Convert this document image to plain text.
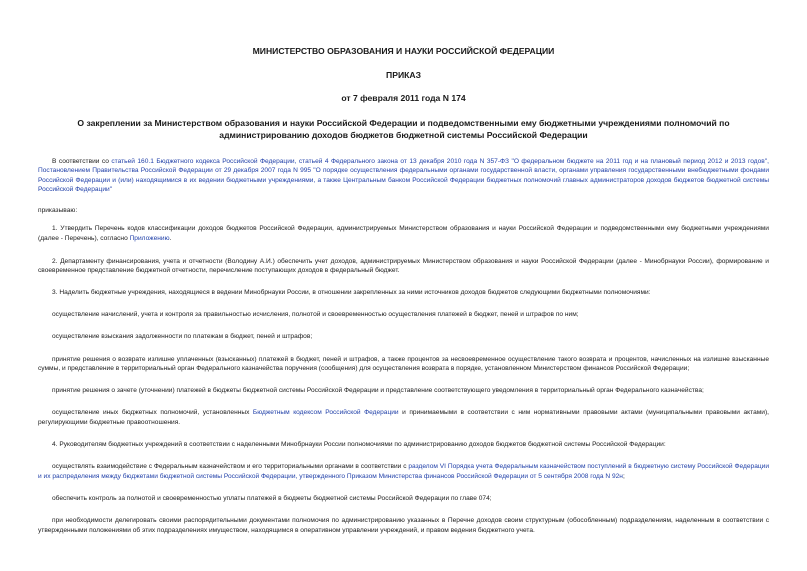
МИНИСТЕРСТВО ОБРАЗОВАНИЯ И НАУКИ РОССИЙСКОЙ ФЕДЕРАЦИИ
ПРИКАЗ
от 7 февраля 2011 года N 174
О закреплении за Министерством образования и науки Российской Федерации и подведомственными ему бюджетными учреждениями полномочий по администрированию доходов бюджетов бюджетной системы Российской Федерации

В соответствии со статьей 160.1 Бюджетного кодекса Российской Федерации, статьей 4 Федерального закона от 13 декабря 2010 года N 357-ФЗ "О федеральном бюджете на 2011 год и на плановый период 2012 и 2013 годов", Постановлением Правительства Российской Федерации от 29 декабря 2007 года N 995 "О порядке осуществления федеральными органами государственной власти, органами управления государственными внебюджетными фондами Российской Федерации и (или) находящимися в их ведении бюджетными учреждениями, а также Центральным банком Российской Федерации бюджетных полномочий главных администраторов доходов бюджетов бюджетной системы Российской Федерации"

приказываю:

1. Утвердить Перечень кодов классификации доходов бюджетов Российской Федерации, администрируемых Министерством образования и науки Российской Федерации и подведомственными ему бюджетными учреждениями (далее - Перечень), согласно Приложению.

2. Департаменту финансирования, учета и отчетности (Володину А.И.) обеспечить учет доходов, администрируемых Министерством образования и науки Российской Федерации (далее - Минобрнауки России), формирование и своевременное представление бюджетной отчетности, перечисление поступающих доходов в федеральный бюджет.

3. Наделить бюджетные учреждения, находящиеся в ведении Минобрнауки России, в отношении закрепленных за ними источников доходов бюджетов следующими бюджетными полномочиями:

осуществление начислений, учета и контроля за правильностью исчисления, полнотой и своевременностью осуществления платежей в бюджет, пеней и штрафов по ним;

осуществление взыскания задолженности по платежам в бюджет, пеней и штрафов;

принятие решения о возврате излишне уплаченных (взысканных) платежей в бюджет, пеней и штрафов, а также процентов за несвоевременное осуществление такого возврата и процентов, начисленных на излишне взысканные суммы, и представление в территориальный орган Федерального казначейства поручения (сообщения) для осуществления возврата в порядке, установленном Министерством финансов Российской Федерации;

принятие решения о зачете (уточнении) платежей в бюджеты бюджетной системы Российской Федерации и представление соответствующего уведомления в территориальный орган Федерального казначейства;

осуществление иных бюджетных полномочий, установленных Бюджетным кодексом Российской Федерации и принимаемыми в соответствии с ним нормативными правовыми актами (муниципальными правовыми актами), регулирующими бюджетные правоотношения.

4. Руководителям бюджетных учреждений в соответствии с наделенными Минобрнауки России полномочиями по администрированию доходов бюджетов бюджетной системы Российской Федерации:

осуществлять взаимодействие с Федеральным казначейством и его территориальными органами в соответствии с разделом VI Порядка учета Федеральным казначейством поступлений в бюджетную систему Российской Федерации и их распределения между бюджетами бюджетной системы Российской Федерации, утвержденного Приказом Министерства финансов Российской Федерации от 5 сентября 2008 года N 92н;

обеспечить контроль за полнотой и своевременностью уплаты платежей в бюджеты бюджетной системы Российской Федерации по главе 074;

при необходимости делегировать своими распорядительными документами полномочия по администрированию указанных в Перечне доходов своим структурным (обособленным) подразделениям, наделенным в соответствии с утвержденными положениями об этих подразделениях имуществом, находящимся в оперативном управлении учреждений, и правом ведения бюджетного учета.
